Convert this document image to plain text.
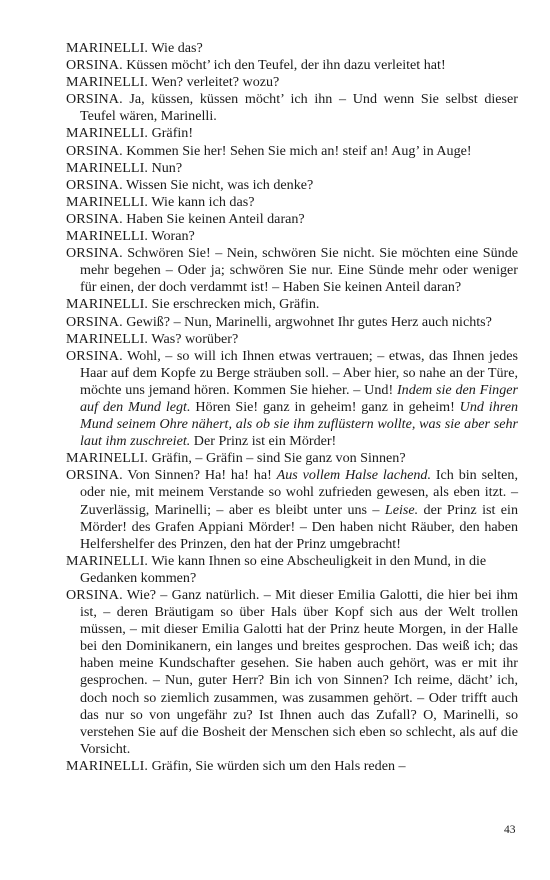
MARINELLI. Wie das?

ORSINA. Küssen möcht’ ich den Teufel, der ihn dazu verleitet hat!

MARINELLI. Wen? verleitet? wozu?

ORSINA. Ja, küssen, küssen möcht’ ich ihn – Und wenn Sie selbst dieser Teufel wären, Marinelli.

MARINELLI. Gräfin!

ORSINA. Kommen Sie her! Sehen Sie mich an! steif an! Aug’ in Auge!

MARINELLI. Nun?

ORSINA. Wissen Sie nicht, was ich denke?

MARINELLI. Wie kann ich das?

ORSINA. Haben Sie keinen Anteil daran?

MARINELLI. Woran?

ORSINA. Schwören Sie! – Nein, schwören Sie nicht. Sie möchten eine Sünde mehr begehen – Oder ja; schwören Sie nur. Eine Sünde mehr oder weniger für einen, der doch verdammt ist! – Haben Sie keinen Anteil daran?

MARINELLI. Sie erschrecken mich, Gräfin.

ORSINA. Gewiß? – Nun, Marinelli, argwohnet Ihr gutes Herz auch nichts?

MARINELLI. Was? worüber?

ORSINA. Wohl, – so will ich Ihnen etwas vertrauen; – etwas, das Ihnen jedes Haar auf dem Kopfe zu Berge sträuben soll. – Aber hier, so nahe an der Türe, möchte uns jemand hören. Kommen Sie hieher. – Und! Indem sie den Finger auf den Mund legt. Hören Sie! ganz in geheim! ganz in geheim! Und ihren Mund seinem Ohre nähert, als ob sie ihm zuflüstern wollte, was sie aber sehr laut ihm zuschreiet. Der Prinz ist ein Mörder!

MARINELLI. Gräfin, – Gräfin – sind Sie ganz von Sinnen?

ORSINA. Von Sinnen? Ha! ha! ha! Aus vollem Halse lachend. Ich bin selten, oder nie, mit meinem Verstande so wohl zufrieden gewesen, als eben itzt. – Zuverlässig, Marinelli; – aber es bleibt unter uns – Leise. der Prinz ist ein Mörder! des Grafen Appiani Mörder! – Den haben nicht Räuber, den haben Helfershelfer des Prinzen, den hat der Prinz umgebracht!

MARINELLI. Wie kann Ihnen so eine Abscheuligkeit in den Mund, in die Gedanken kommen?

ORSINA. Wie? – Ganz natürlich. – Mit dieser Emilia Galotti, die hier bei ihm ist, – deren Bräutigam so über Hals über Kopf sich aus der Welt trollen müssen, – mit dieser Emilia Galotti hat der Prinz heute Morgen, in der Halle bei den Dominikanern, ein langes und breites gesprochen. Das weiß ich; das haben meine Kundschafter gesehen. Sie haben auch gehört, was er mit ihr gesprochen. – Nun, guter Herr? Bin ich von Sinnen? Ich reime, dächt’ ich, doch noch so ziemlich zusammen, was zusammen gehört. – Oder trifft auch das nur so von ungefähr zu? Ist Ihnen auch das Zufall? O, Marinelli, so verstehen Sie auf die Bosheit der Menschen sich eben so schlecht, als auf die Vorsicht.

MARINELLI. Gräfin, Sie würden sich um den Hals reden –

43
